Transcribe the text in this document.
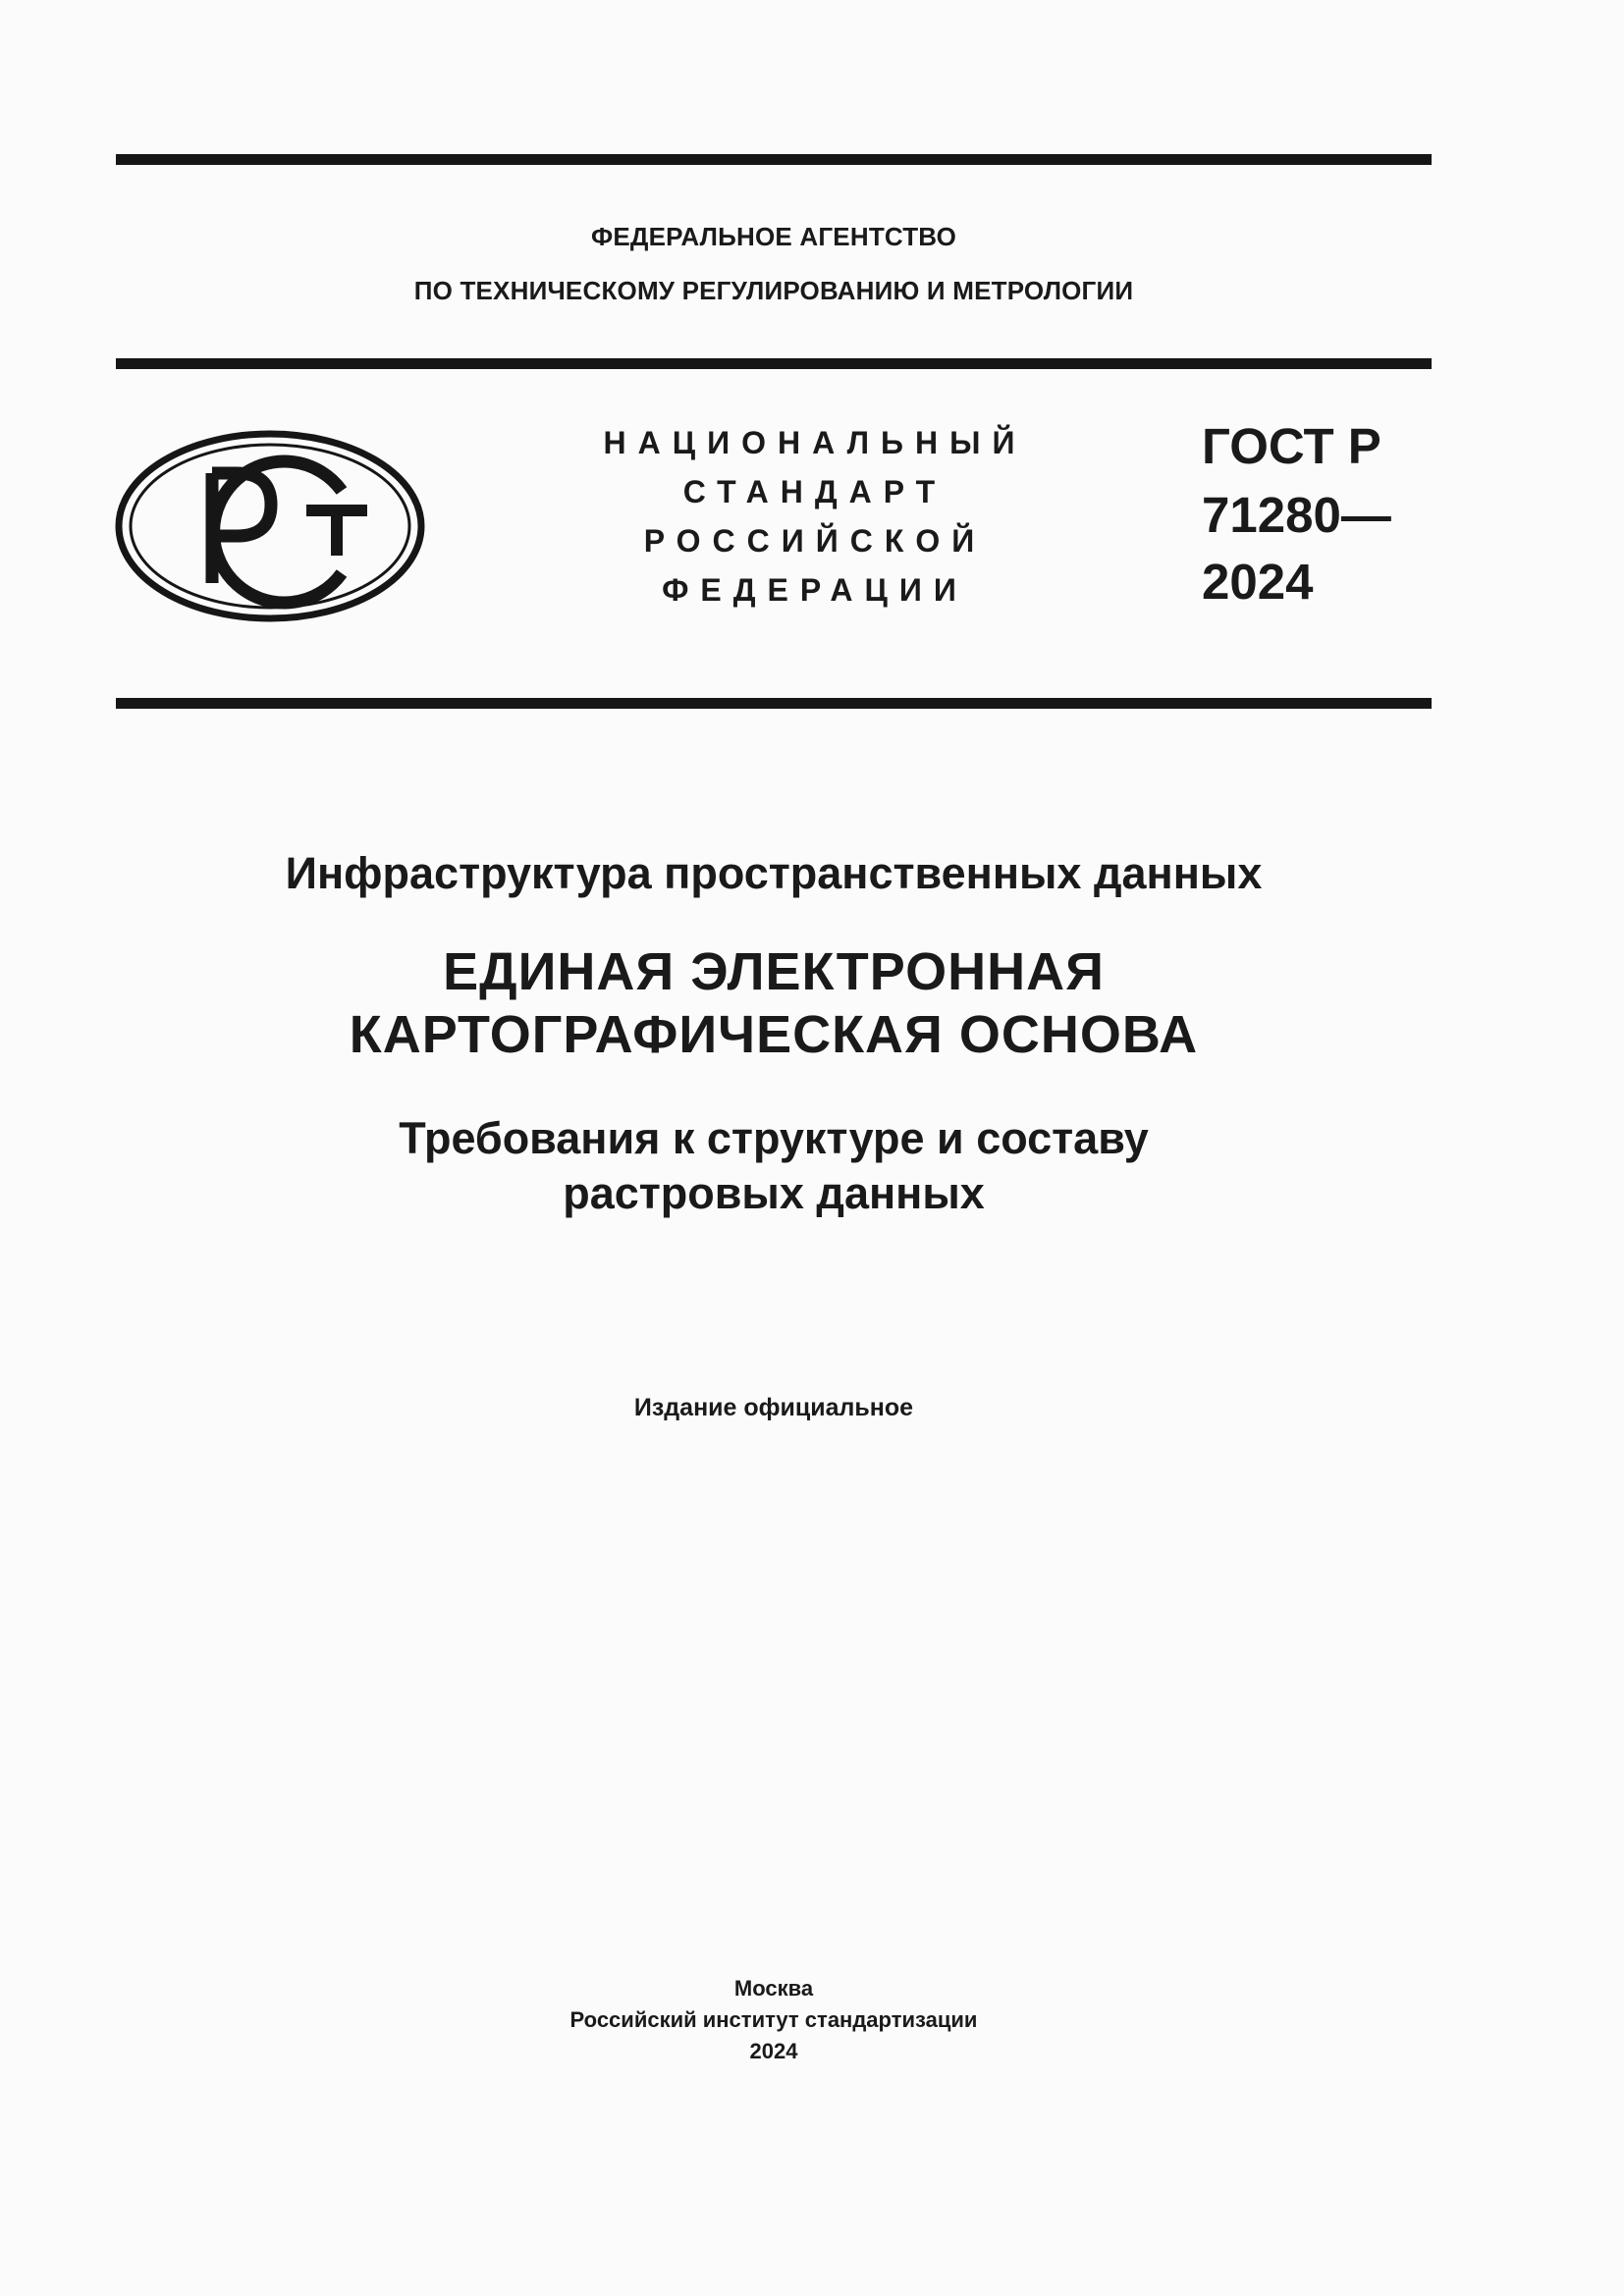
ФЕДЕРАЛЬНОЕ АГЕНТСТВО
ПО ТЕХНИЧЕСКОМУ РЕГУЛИРОВАНИЮ И МЕТРОЛОГИИ
НАЦИОНАЛЬНЫЙ
СТАНДАРТ
РОССИЙСКОЙ
ФЕДЕРАЦИИ
ГОСТ Р
71280—
2024
Инфраструктура пространственных данных
ЕДИНАЯ ЭЛЕКТРОННАЯ
КАРТОГРАФИЧЕСКАЯ ОСНОВА
Требования к структуре и составу
растровых данных
Издание официальное
Москва
Российский институт стандартизации
2024
